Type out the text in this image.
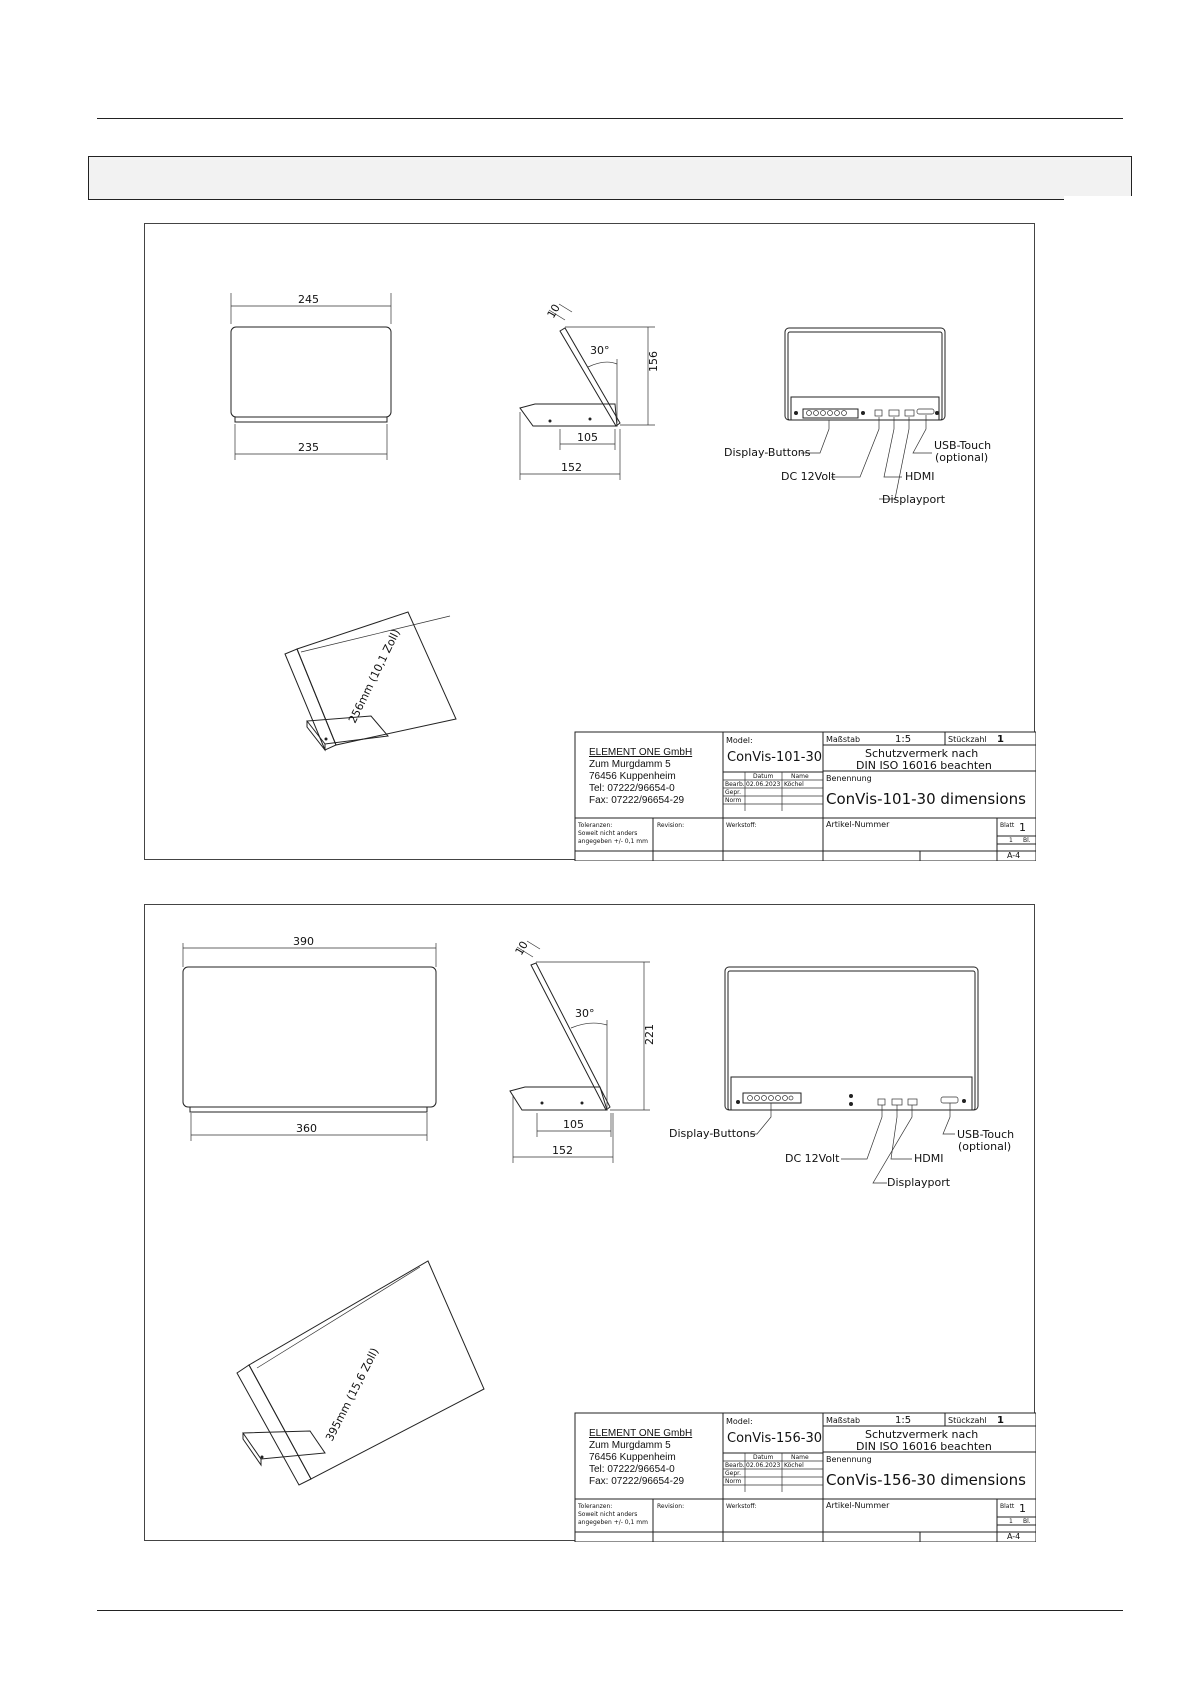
245
235
10
30°
156
105
152
Display-Buttons
DC 12Volt
USB-Touch
(optional)
HDMI
Displayport
256mm (10,1 Zoll)
ELEMENT ONE GmbH
Zum Murgdamm 5
76456 Kuppenheim
Tel: 07222/96654-0
Fax: 07222/96654-29
Model:
ConVis-101-30
Datum	Name
Bearb. 02.06.2023 Köchel
Gepr.
Norm
Maßstab	1:5	Stückzahl 1
Schutzvermerk nach
DIN ISO 16016 beachten
Benennung
ConVis-101-30 dimensions
Toleranzen:
Soweit nicht anders
angegeben +/- 0,1 mm
Revision:	Werkstoff:	Artikel-Nummer	Blatt 1
1 Bl.
A-4
390
360
10
30°
221
105
152
Display-Buttons
DC 12Volt
USB-Touch
(optional)
HDMI
Displayport
395mm (15,6 Zoll)	ELEMENT ONE GmbH
Zum Murgdamm 5
76456 Kuppenheim
Tel: 07222/96654-0
Fax: 07222/96654-29
Model:
ConVis-156-30
Datum	Name
Bearb. 02.06.2023 Köchel
Gepr.
Norm
Maßstab	1:5	Stückzahl 1
Schutzvermerk nach
DIN ISO 16016 beachten
Benennung
ConVis-156-30 dimensions
Toleranzen:
Soweit nicht anders
angegeben +/- 0,1 mm
Revision:	Werkstoff:	Artikel-Nummer	Blatt 1
1 Bl.
A-4
